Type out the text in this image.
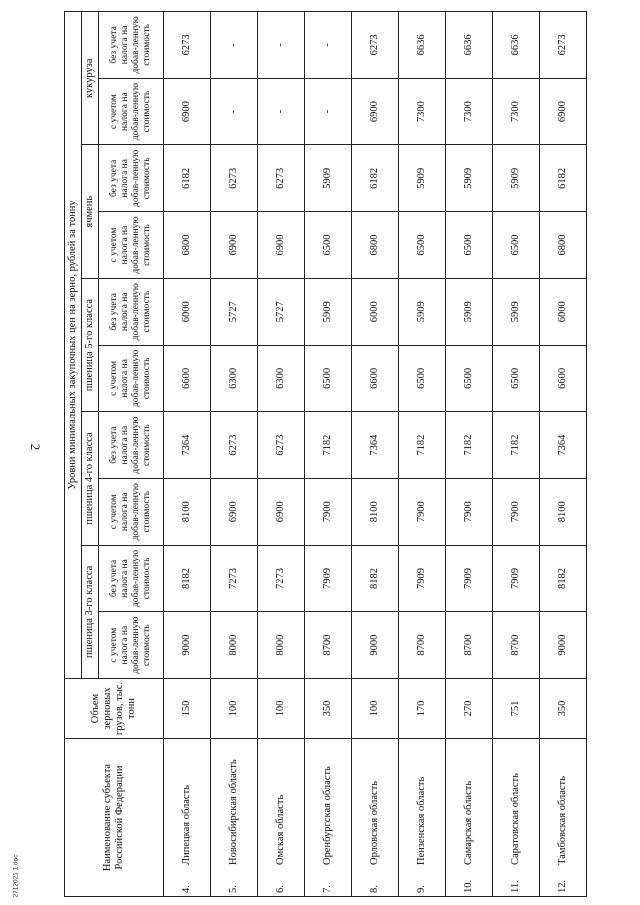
2
Наименование субъекта Российской Федерации	Объем зерновых грузов, тыс. тонн	Уровни минимальных закупочных цен на зерно, рублей за тонну									
		пшеница 3-го класса		пшеница 4-го класса		пшеница 5-го класса		ячмень		кукуруза	
		с учетом налога на добав-ленную стоимость	без учета налога на добав-ленную стоимость	с учетом налога на добав-ленную стоимость	без учета налога на добав-ленную стоимость	с учетом налога на добав-ленную стоимость	без учета налога на добав-ленную стоимость	с учетом налога на добав-ленную стоимость	без учета налога на добав-ленную стоимость	с учетом налога на добав-ленную стоимость	без учета налога на добав-ленную стоимость
4.Липецкая область	150	9000	8182	8100	7364	6600	6000	6800	6182	6900	6273
5.Новосибирская область	100	8000	7273	6900	6273	6300	5727	6900	6273	-	-
6.Омская область	100	8000	7273	6900	6273	6300	5727	6900	6273	-	-
7.Оренбургская область	350	8700	7909	7900	7182	6500	5909	6500	5909	-	-
8.Орловская область	100	9000	8182	8100	7364	6600	6000	6800	6182	6900	6273
9.Пензенская область	170	8700	7909	7900	7182	6500	5909	6500	5909	7300	6636
10.Самарская область	270	8700	7909	7900	7182	6500	5909	6500	5909	7300	6636
11.Саратовская область	751	8700	7909	7900	7182	6500	5909	6500	5909	7300	6636
12.Тамбовская область	350	9000	8182	8100	7364	6600	6000	6800	6182	6900	6273
2712021 1.doc
